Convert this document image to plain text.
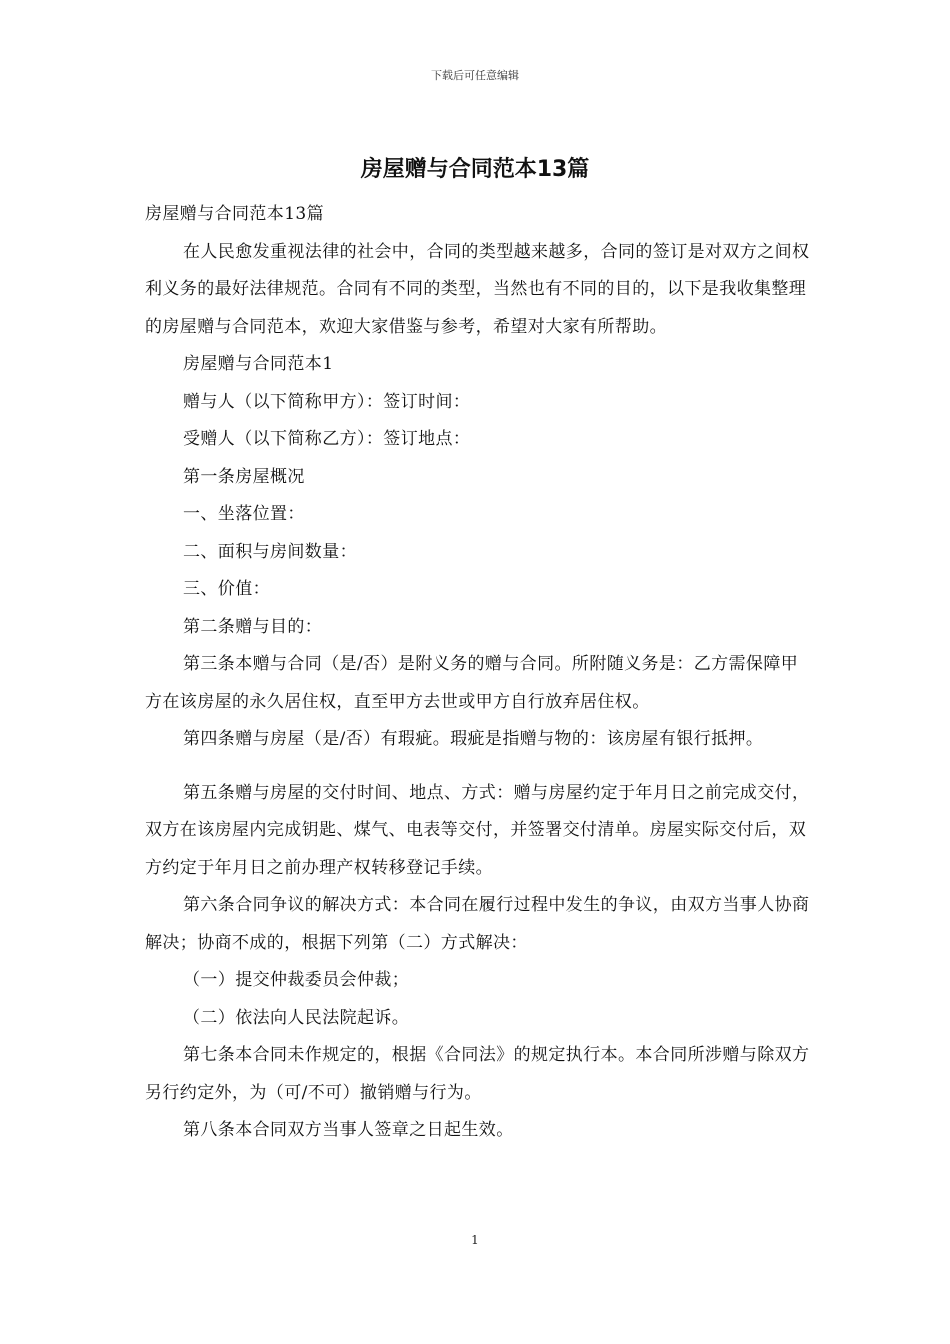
下载后可任意编辑
房屋赠与合同范本13篇

房屋赠与合同范本13篇

在人民愈发重视法律的社会中，合同的类型越来越多，合同的签订是对双方之间权利义务的最好法律规范。合同有不同的类型，当然也有不同的目的，以下是我收集整理的房屋赠与合同范本，欢迎大家借鉴与参考，希望对大家有所帮助。

房屋赠与合同范本1

赠与人（以下简称甲方）：签订时间：

受赠人（以下简称乙方）：签订地点：

第一条房屋概况

一、坐落位置：

二、面积与房间数量：

三、价值：

第二条赠与目的：

第三条本赠与合同（是/否）是附义务的赠与合同。所附随义务是：乙方需保障甲方在该房屋的永久居住权，直至甲方去世或甲方自行放弃居住权。

第四条赠与房屋（是/否）有瑕疵。瑕疵是指赠与物的：该房屋有银行抵押。

第五条赠与房屋的交付时间、地点、方式：赠与房屋约定于年月日之前完成交付，双方在该房屋内完成钥匙、煤气、电表等交付，并签署交付清单。房屋实际交付后，双方约定于年月日之前办理产权转移登记手续。

第六条合同争议的解决方式：本合同在履行过程中发生的争议，由双方当事人协商解决；协商不成的，根据下列第（二）方式解决：

（一）提交仲裁委员会仲裁；

（二）依法向人民法院起诉。

第七条本合同未作规定的，根据《合同法》的规定执行本。本合同所涉赠与除双方另行约定外，为（可/不可）撤销赠与行为。

第八条本合同双方当事人签章之日起生效。

1
